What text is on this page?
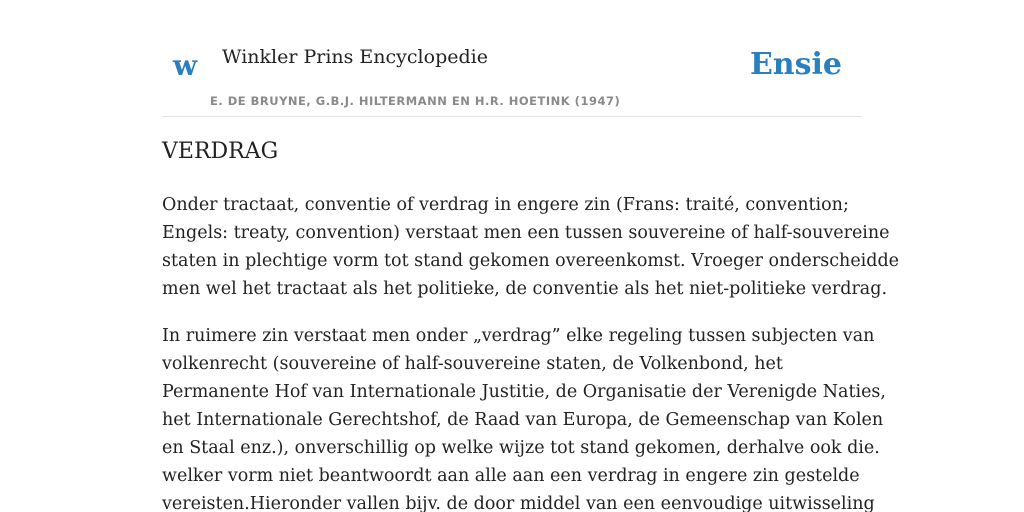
w Winkler Prins Encyclopedie
E. DE BRUYNE, G.B.J. HILTERMANN EN H.R. HOETINK (1947)
Ensie
VERDRAG

Onder tractaat, conventie of verdrag in engere zin (Frans: traité, convention;
Engels: treaty, convention) verstaat men een tussen souvereine of half-souvereine
staten in plechtige vorm tot stand gekomen overeenkomst. Vroeger onderscheidde
men wel het tractaat als het politieke, de conventie als het niet-politieke verdrag.

In ruimere zin verstaat men onder „verdrag” elke regeling tussen subjecten van
volkenrecht (souvereine of half-souvereine staten, de Volkenbond, het
Permanente Hof van Internationale Justitie, de Organisatie der Verenigde Naties,
het Internationale Gerechtshof, de Raad van Europa, de Gemeenschap van Kolen
en Staal enz.), onverschillig op welke wijze tot stand gekomen, derhalve ook die.
welker vorm niet beantwoordt aan alle aan een verdrag in engere zin gestelde
vereisten.Hieronder vallen bijv. de door middel van een eenvoudige uitwisseling
